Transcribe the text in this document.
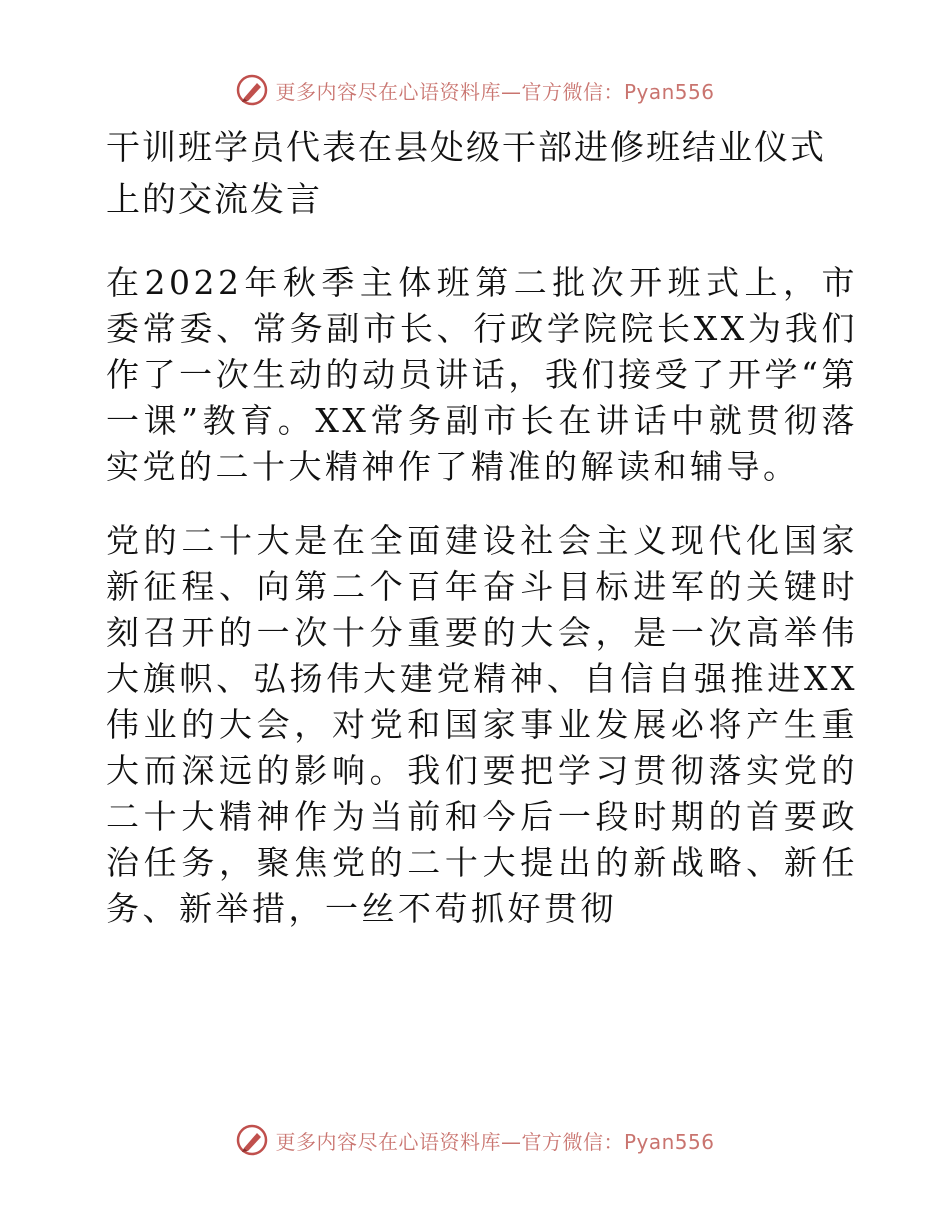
更多内容尽在心语资料库—官方微信：Pyan556
干训班学员代表在县处级干部进修班结业仪式上的交流发言

在2022年秋季主体班第二批次开班式上，市委常委、常务副市长、行政学院院长XX为我们作了一次生动的动员讲话，我们接受了开学“第一课”教育。XX常务副市长在讲话中就贯彻落实党的二十大精神作了精准的解读和辅导。

党的二十大是在全面建设社会主义现代化国家新征程、向第二个百年奋斗目标进军的关键时刻召开的一次十分重要的大会，是一次高举伟大旗帜、弘扬伟大建党精神、自信自强推进XX伟业的大会，对党和国家事业发展必将产生重大而深远的影响。我们要把学习贯彻落实党的二十大精神作为当前和今后一段时期的首要政治任务，聚焦党的二十大提出的新战略、新任务、新举措，一丝不苟抓好贯彻

更多内容尽在心语资料库—官方微信：Pyan556
